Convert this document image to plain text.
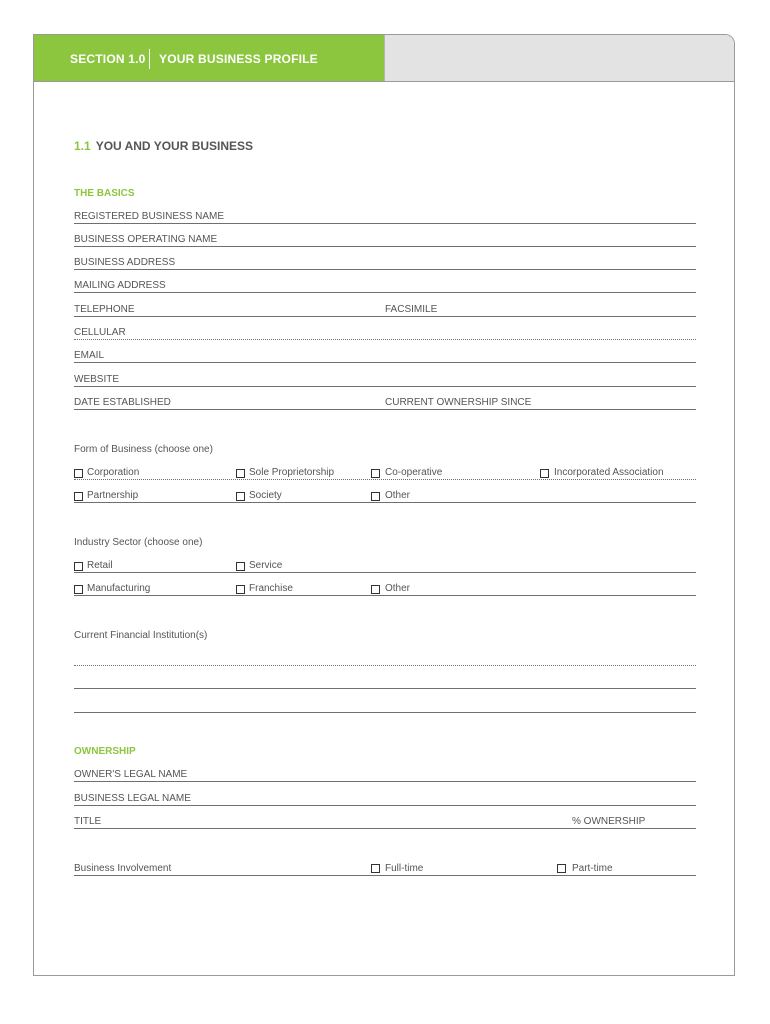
SECTION 1.0 YOUR BUSINESS PROFILE
1.1 YOU AND YOUR BUSINESS
THE BASICS
REGISTERED BUSINESS NAME
BUSINESS OPERATING NAME
BUSINESS ADDRESS
MAILING ADDRESS
TELEPHONE	FACSIMILE
CELLULAR
EMAIL
WEBSITE
DATE ESTABLISHED	CURRENT OWNERSHIP SINCE
Form of Business (choose one)
Corporation	Sole Proprietorship	Co-operative	Incorporated Association
Partnership	Society	Other
Industry Sector (choose one)
Retail	Service
Manufacturing	Franchise	Other
Current Financial Institution(s)
OWNERSHIP
OWNER'S LEGAL NAME
BUSINESS LEGAL NAME
TITLE	% OWNERSHIP
Business Involvement	Full-time	Part-time
